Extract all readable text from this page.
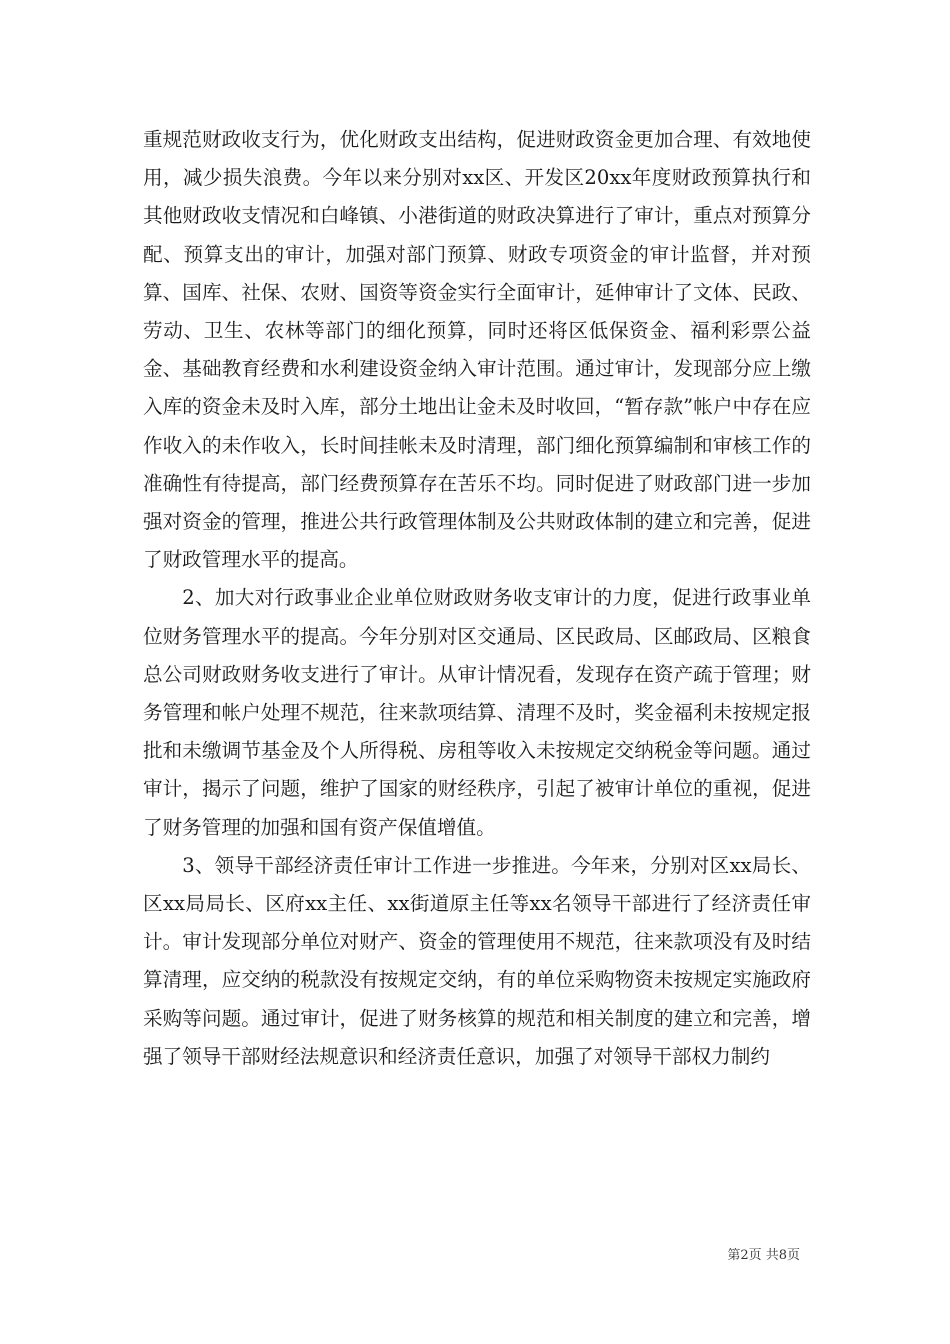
重规范财政收支行为，优化财政支出结构，促进财政资金更加合理、有效地使用，减少损失浪费。今年以来分别对xx区、开发区20xx年度财政预算执行和其他财政收支情况和白峰镇、小港街道的财政决算进行了审计，重点对预算分配、预算支出的审计，加强对部门预算、财政专项资金的审计监督，并对预算、国库、社保、农财、国资等资金实行全面审计，延伸审计了文体、民政、劳动、卫生、农林等部门的细化预算，同时还将区低保资金、福利彩票公益金、基础教育经费和水利建设资金纳入审计范围。通过审计，发现部分应上缴入库的资金未及时入库，部分土地出让金未及时收回，“暂存款”帐户中存在应作收入的未作收入，长时间挂帐未及时清理，部门细化预算编制和审核工作的准确性有待提高，部门经费预算存在苦乐不均。同时促进了财政部门进一步加强对资金的管理，推进公共行政管理体制及公共财政体制的建立和完善，促进了财政管理水平的提高。

2、加大对行政事业企业单位财政财务收支审计的力度，促进行政事业单位财务管理水平的提高。今年分别对区交通局、区民政局、区邮政局、区粮食总公司财政财务收支进行了审计。从审计情况看，发现存在资产疏于管理；财务管理和帐户处理不规范，往来款项结算、清理不及时，奖金福利未按规定报批和未缴调节基金及个人所得税、房租等收入未按规定交纳税金等问题。通过审计，揭示了问题，维护了国家的财经秩序，引起了被审计单位的重视，促进了财务管理的加强和国有资产保值增值。

3、领导干部经济责任审计工作进一步推进。今年来，分别对区xx局长、区xx局局长、区府xx主任、xx街道原主任等xx名领导干部进行了经济责任审计。审计发现部分单位对财产、资金的管理使用不规范，往来款项没有及时结算清理，应交纳的税款没有按规定交纳，有的单位采购物资未按规定实施政府采购等问题。通过审计，促进了财务核算的规范和相关制度的建立和完善，增强了领导干部财经法规意识和经济责任意识，加强了对领导干部权力制约

第2页 共8页
